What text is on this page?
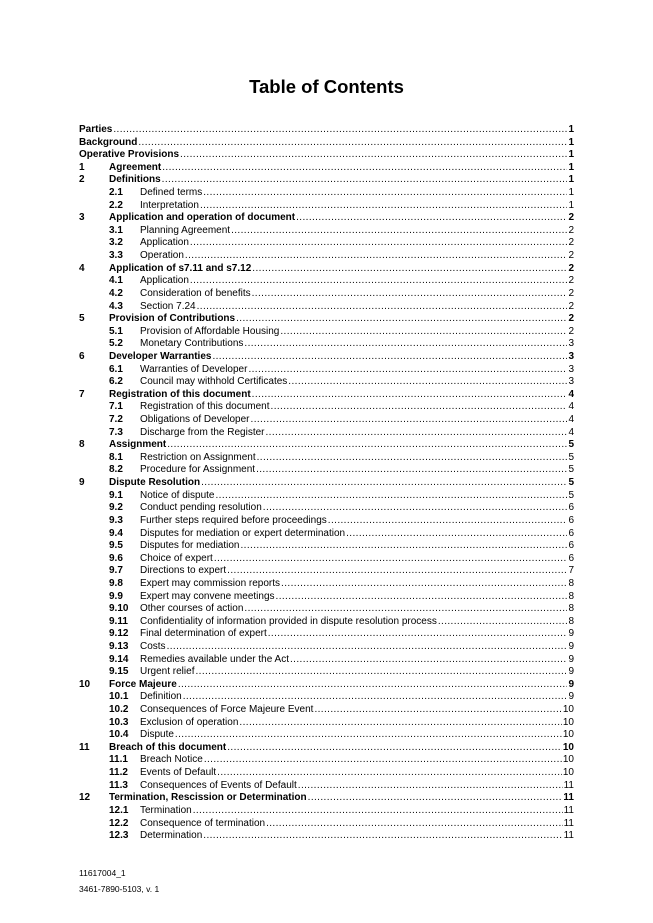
Table of Contents
Parties .....	1
Background .....	1
Operative Provisions .....	1
1	Agreement .....	1
2	Definitions .....	1
2.1	Defined terms .....	1
2.2	Interpretation .....	1
3	Application and operation of document .....	2
3.1	Planning Agreement .....	2
3.2	Application .....	2
3.3	Operation .....	2
4	Application of s7.11 and s7.12 .....	2
4.1	Application .....	2
4.2	Consideration of benefits .....	2
4.3	Section 7.24 .....	2
5	Provision of Contributions .....	2
5.1	Provision of Affordable Housing .....	2
5.2	Monetary Contributions .....	3
6	Developer Warranties .....	3
6.1	Warranties of Developer .....	3
6.2	Council may withhold Certificates .....	3
7	Registration of this document .....	4
7.1	Registration of this document .....	4
7.2	Obligations of Developer .....	4
7.3	Discharge from the Register .....	4
8	Assignment .....	5
8.1	Restriction on Assignment .....	5
8.2	Procedure for Assignment .....	5
9	Dispute Resolution .....	5
9.1	Notice of dispute .....	5
9.2	Conduct pending resolution .....	6
9.3	Further steps required before proceedings .....	6
9.4	Disputes for mediation or expert determination .....	6
9.5	Disputes for mediation .....	6
9.6	Choice of expert .....	6
9.7	Directions to expert .....	7
9.8	Expert may commission reports .....	8
9.9	Expert may convene meetings .....	8
9.10	Other courses of action .....	8
9.11	Confidentiality of information provided in dispute resolution process .....	8
9.12	Final determination of expert .....	9
9.13	Costs .....	9
9.14	Remedies available under the Act .....	9
9.15	Urgent relief .....	9
10	Force Majeure .....	9
10.1	Definition .....	9
10.2	Consequences of Force Majeure Event .....	10
10.3	Exclusion of operation .....	10
10.4	Dispute .....	10
11	Breach of this document .....	10
11.1	Breach Notice .....	10
11.2	Events of Default .....	10
11.3	Consequences of Events of Default .....	11
12	Termination, Rescission or Determination .....	11
12.1	Termination .....	11
12.2	Consequence of termination .....	11
12.3	Determination .....	11
11617004_1
3461-7890-5103, v. 1
